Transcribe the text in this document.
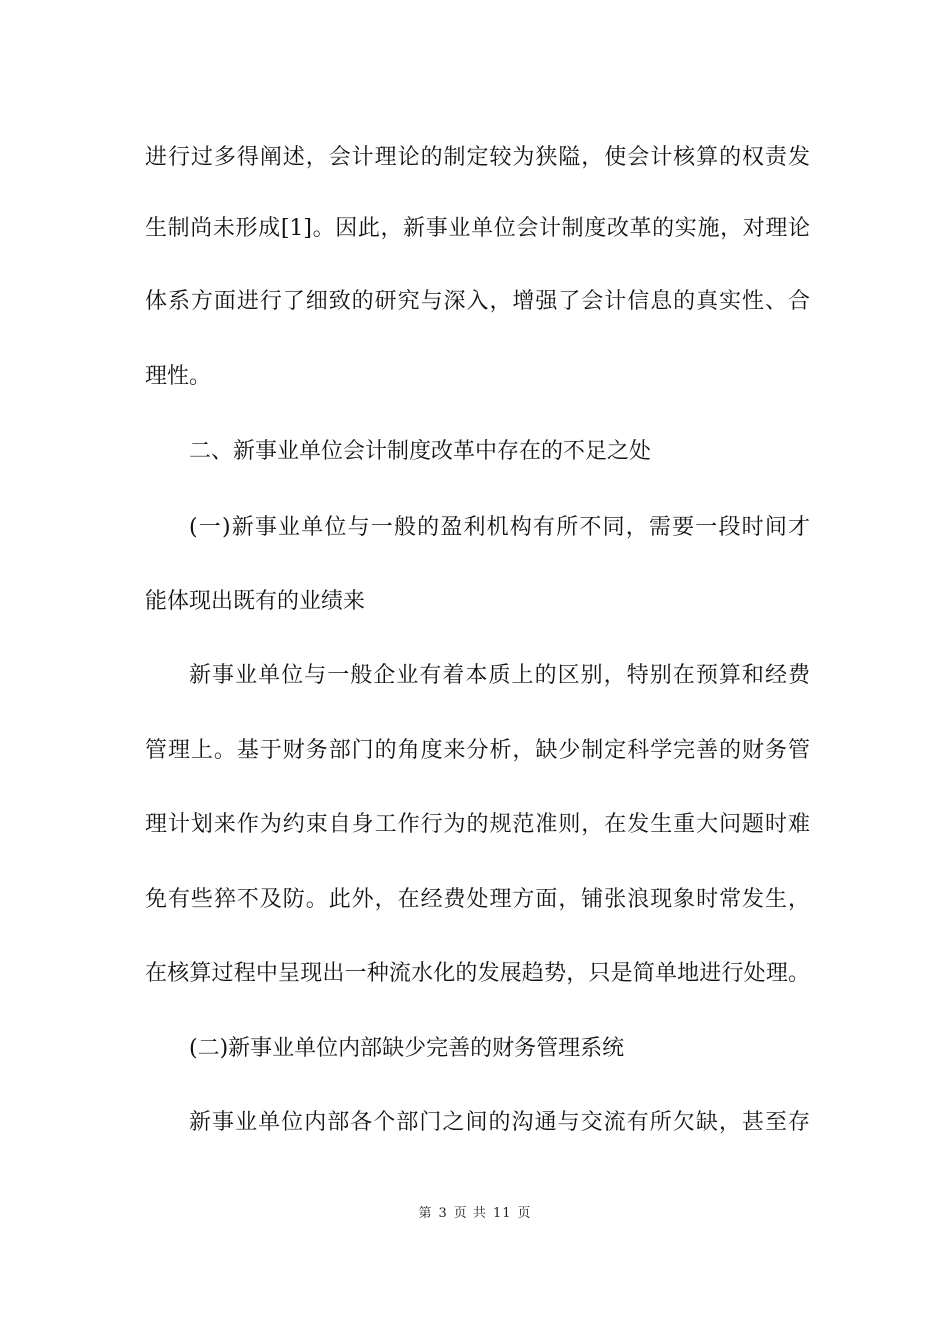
进行过多得阐述，会计理论的制定较为狭隘，使会计核算的权责发
生制尚未形成[1]。因此，新事业单位会计制度改革的实施，对理论
体系方面进行了细致的研究与深入，增强了会计信息的真实性、合
理性。
二、新事业单位会计制度改革中存在的不足之处
(一)新事业单位与一般的盈利机构有所不同，需要一段时间才
能体现出既有的业绩来
新事业单位与一般企业有着本质上的区别，特别在预算和经费
管理上。基于财务部门的角度来分析，缺少制定科学完善的财务管
理计划来作为约束自身工作行为的规范准则，在发生重大问题时难
免有些猝不及防。此外，在经费处理方面，铺张浪现象时常发生，
在核算过程中呈现出一种流水化的发展趋势，只是简单地进行处理。
(二)新事业单位内部缺少完善的财务管理系统
新事业单位内部各个部门之间的沟通与交流有所欠缺，甚至存
第 3 页 共 11 页
